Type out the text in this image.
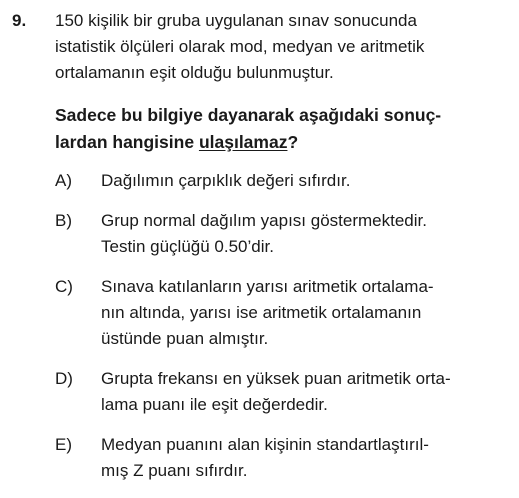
9. 150 kişilik bir gruba uygulanan sınav sonucunda
istatistik ölçüleri olarak mod, medyan ve aritmetik
ortalamanın eşit olduğu bulunmuştur.

Sadece bu bilgiye dayanarak aşağıdaki sonuç-
lardan hangisine ulaşılamaz?

A)	Dağılımın çarpıklık değeri sıfırdır.
B)	Grup normal dağılım yapısı göstermektedir.
Testin güçlüğü 0.50’dir.
C)	Sınava katılanların yarısı aritmetik ortalama-
nın altında, yarısı ise aritmetik ortalamanın
üstünde puan almıştır.
D)	Grupta frekansı en yüksek puan aritmetik orta-
lama puanı ile eşit değerdedir.
E)	Medyan puanını alan kişinin standartlaştırıl-
mış Z puanı sıfırdır.
